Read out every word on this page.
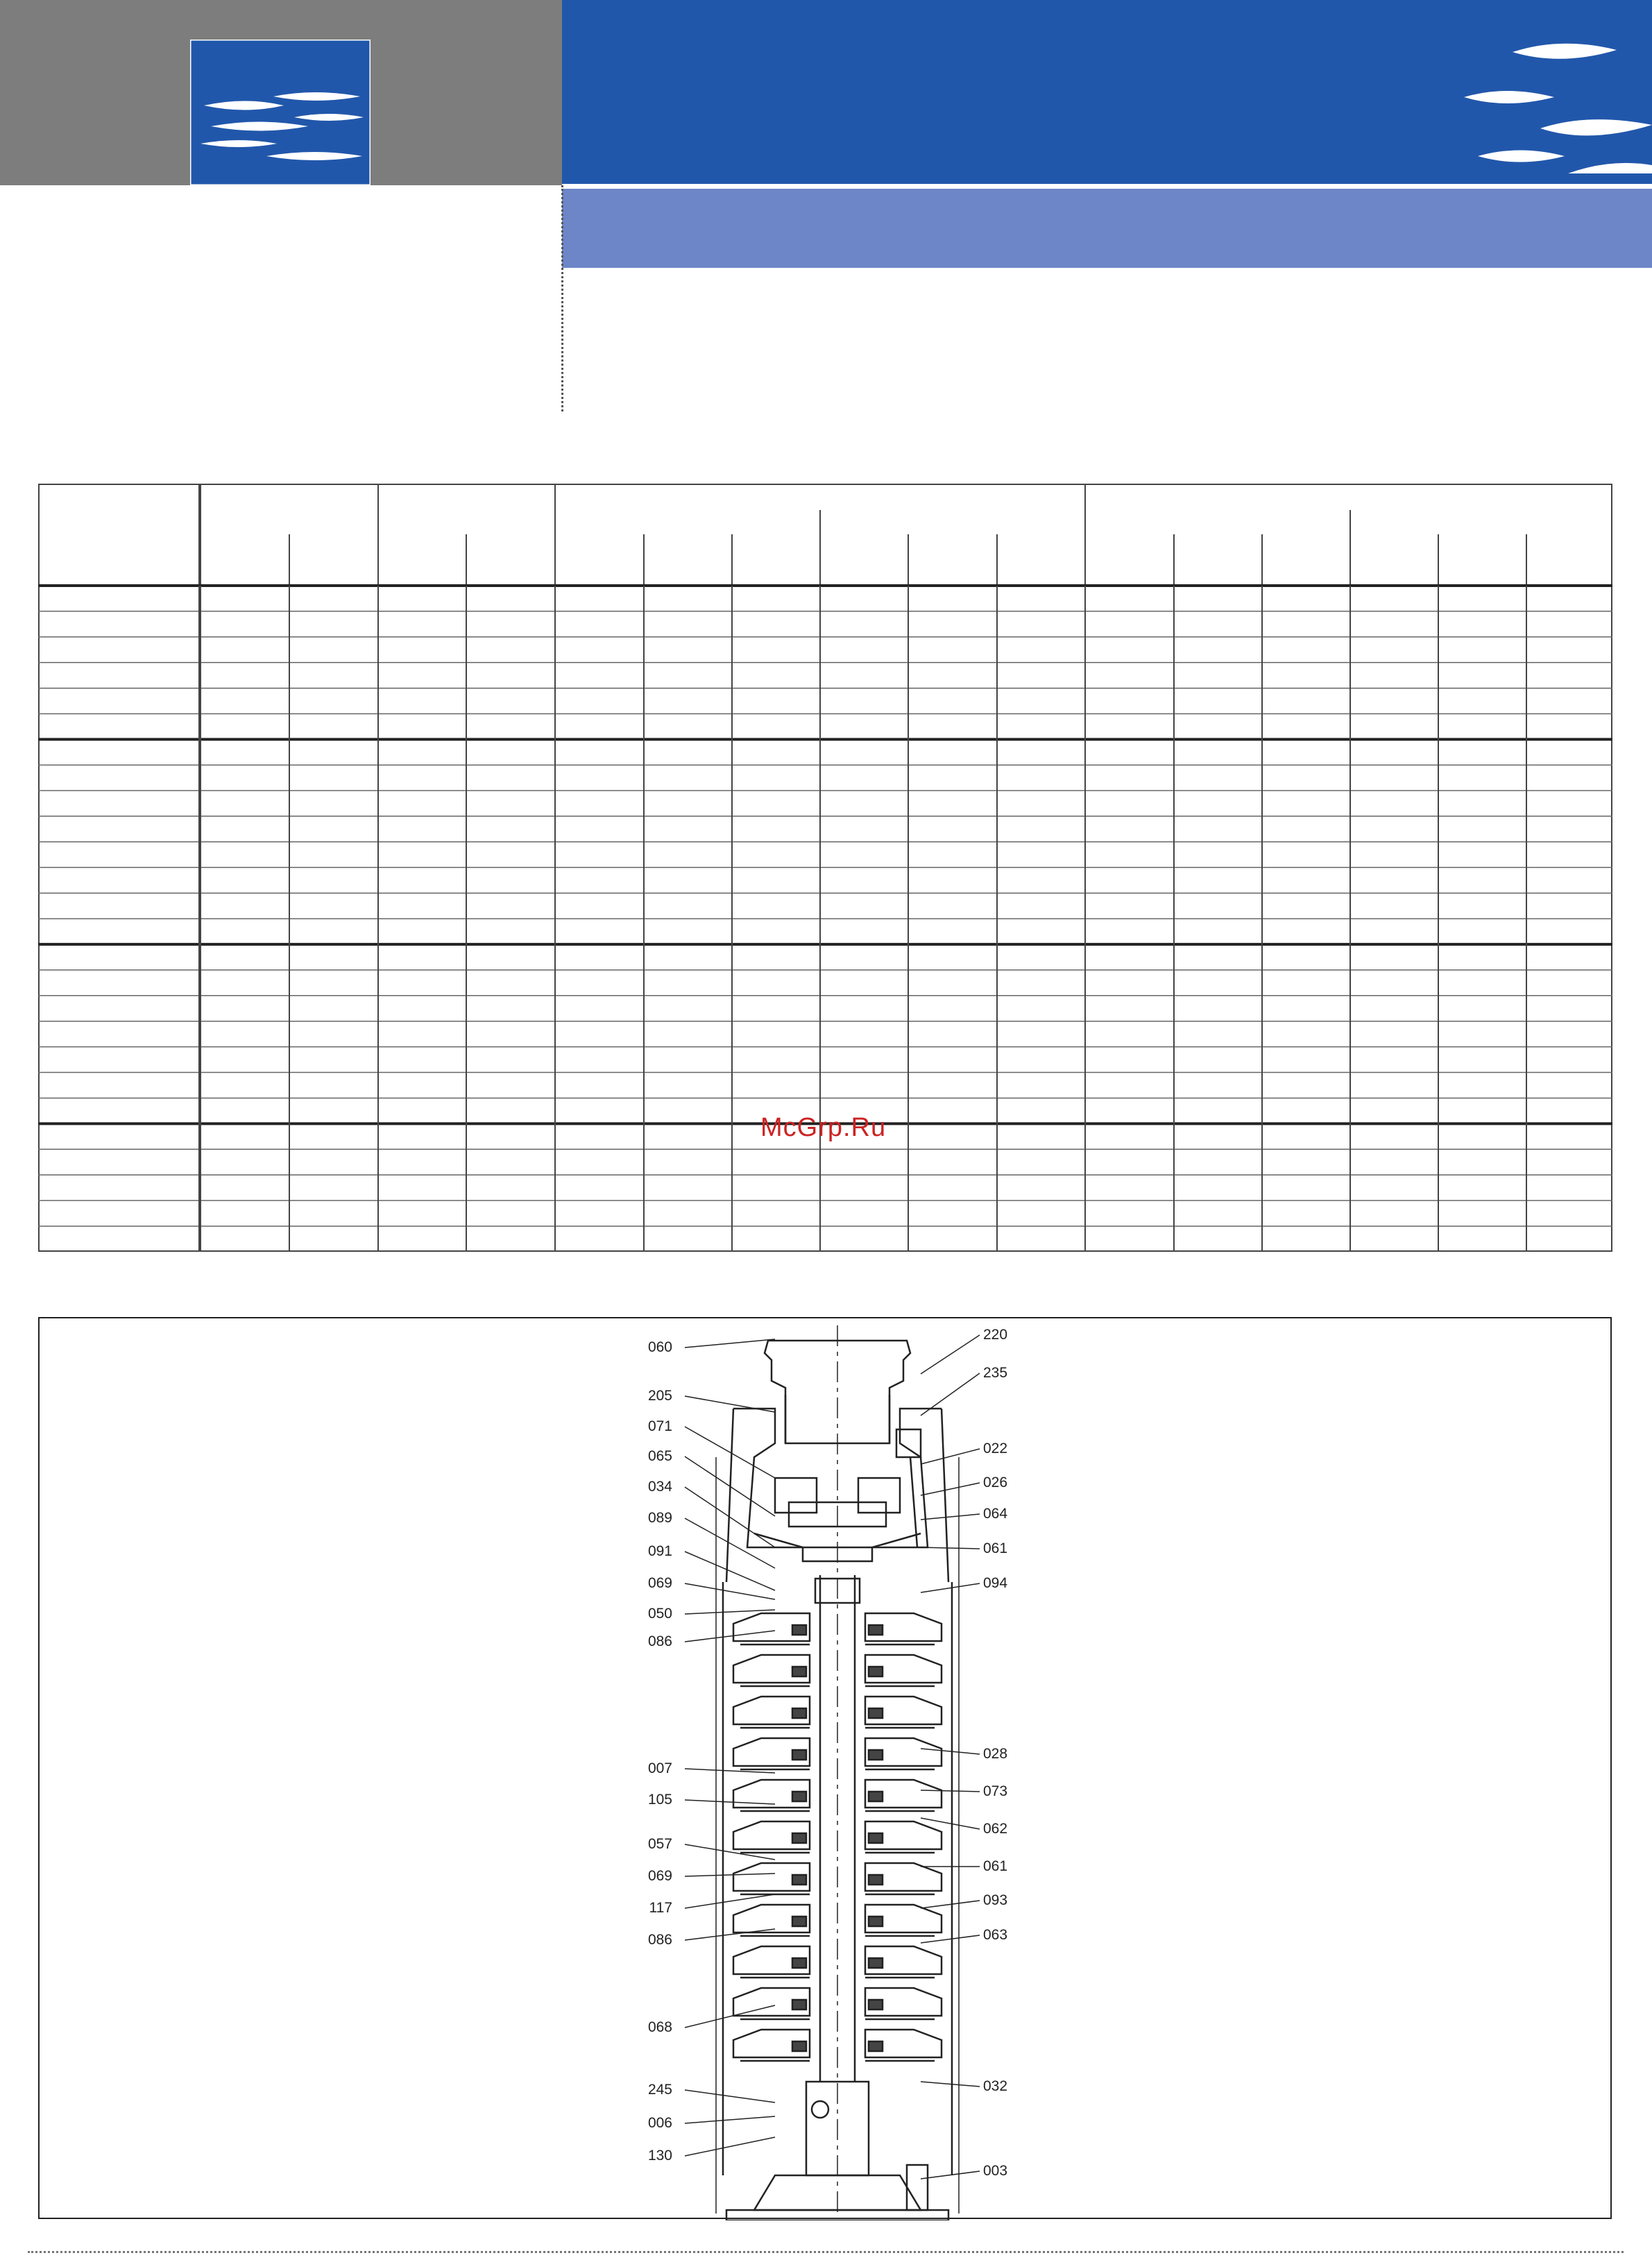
EBARA
McGrp.Ru
060
205
071
065
034
089
091
069
050
086
007
105
057
069
117
086
068
245
006
130
220
235
022
026
064
061
094
028
073
062
061
093
063
032
003
